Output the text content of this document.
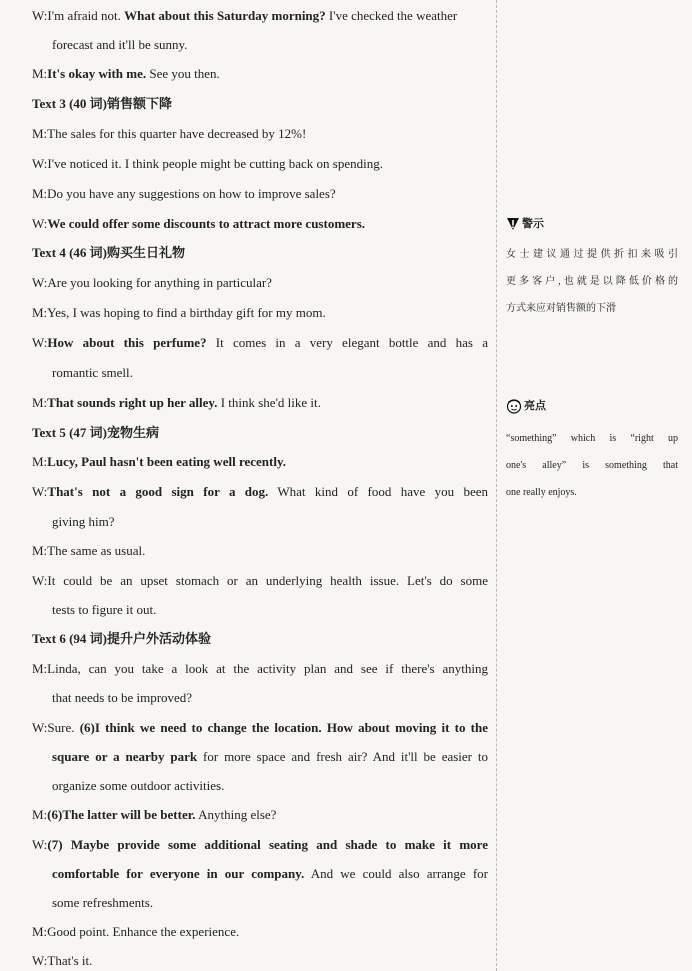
W:I'm afraid not. What about this Saturday morning? I've checked the weather
forecast and it'll be sunny.
M:It's okay with me. See you then.
Text 3 (40 词)销售额下降
M:The sales for this quarter have decreased by 12%!
W:I've noticed it. I think people might be cutting back on spending.
M:Do you have any suggestions on how to improve sales?
W:We could offer some discounts to attract more customers.
Text 4 (46 词)购买生日礼物
W:Are you looking for anything in particular?
M:Yes, I was hoping to find a birthday gift for my mom.
W:How about this perfume? It comes in a very elegant bottle and has a
romantic smell.
M:That sounds right up her alley. I think she'd like it.
Text 5 (47 词)宠物生病
M:Lucy, Paul hasn't been eating well recently.
W:That's not a good sign for a dog. What kind of food have you been
giving him?
M:The same as usual.
W:It could be an upset stomach or an underlying health issue. Let's do some
tests to figure it out.
Text 6 (94 词)提升户外活动体验
M:Linda, can you take a look at the activity plan and see if there's anything
that needs to be improved?
W:Sure. (6)I think we need to change the location. How about moving it to the
square or a nearby park for more space and fresh air? And it'll be easier to
organize some outdoor activities.
M:(6)The latter will be better. Anything else?
W:(7) Maybe provide some additional seating and shade to make it more
comfortable for everyone in our company. And we could also arrange for
some refreshments.
M:Good point. Enhance the experience.
W:That's it.
警示
女士建议通过提供折扣来吸引
更多客户,也就是以降低价格的
方式来应对销售额的下滑
亮点
“something” which is “right up
one's alley” is something that
one really enjoys.
